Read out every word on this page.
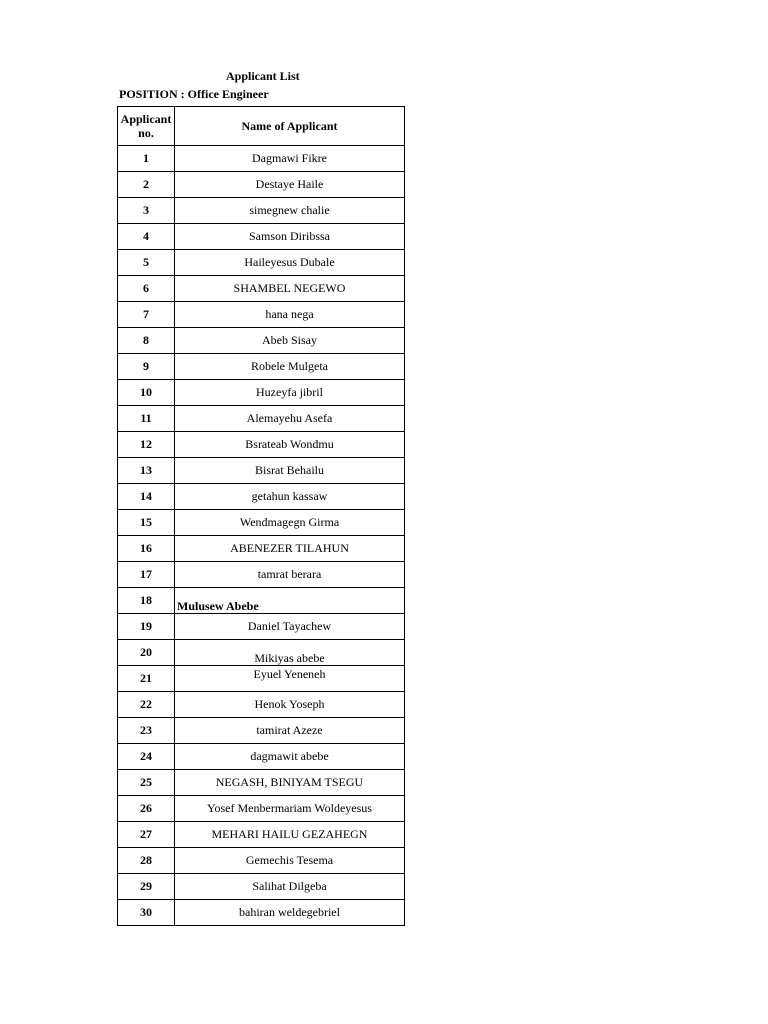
Applicant List
POSITION : Office Engineer
Applicant no.	Name of Applicant
1	Dagmawi Fikre
2	Destaye Haile
3	simegnew chalie
4	Samson Diribssa
5	Haileyesus Dubale
6	SHAMBEL NEGEWO
7	hana nega
8	Abeb Sisay
9	Robele Mulgeta
10	Huzeyfa jibril
11	Alemayehu Asefa
12	Bsrateab Wondmu
13	Bisrat Behailu
14	getahun kassaw
15	Wendmagegn Girma
16	ABENEZER TILAHUN
17	tamrat berara
18	Mulusew Abebe
19	Daniel Tayachew
20	Mikiyas abebe
21	Eyuel Yeneneh
22	Henok Yoseph
23	tamirat Azeze
24	dagmawit abebe
25	NEGASH, BINIYAM TSEGU
26	Yosef Menbermariam Woldeyesus
27	MEHARI HAILU GEZAHEGN
28	Gemechis Tesema
29	Salihat Dilgeba
30	bahiran weldegebriel
